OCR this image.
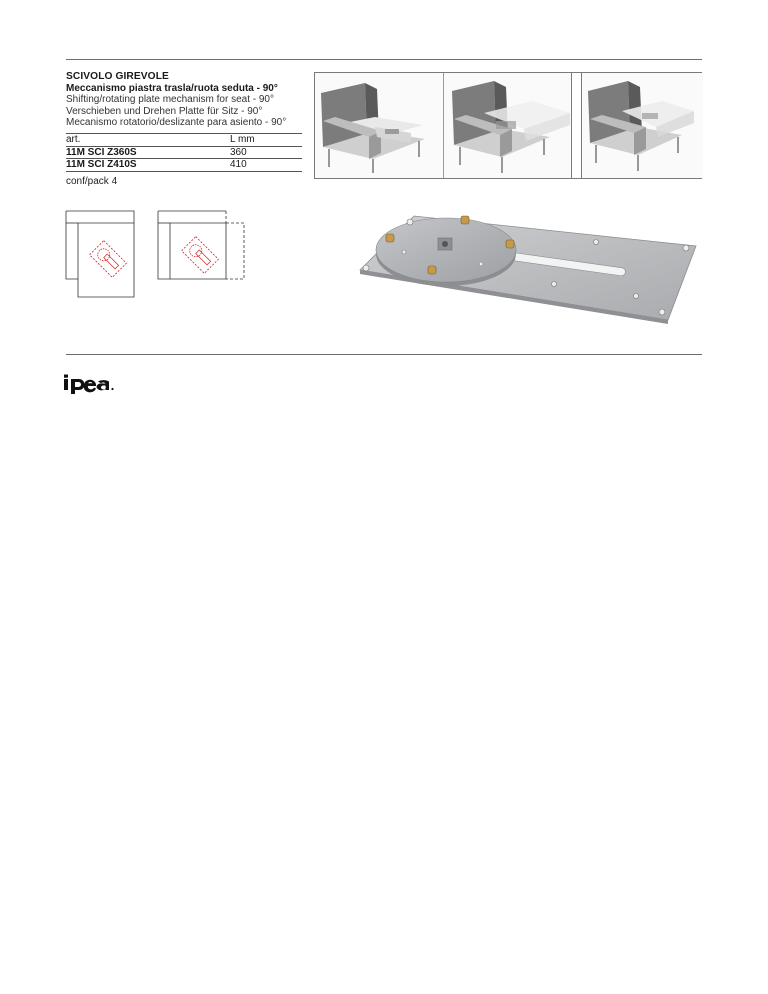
SCIVOLO GIREVOLE
Meccanismo piastra trasla/ruota seduta - 90°
Shifting/rotating plate mechanism for seat - 90°
Verschieben und Drehen Platte für Sitz - 90°
Mecanismo rotatorio/deslizante para asiento - 90°
art.	L mm
11M SCI Z360S	360
11M SCI Z410S	410
conf/pack 4
